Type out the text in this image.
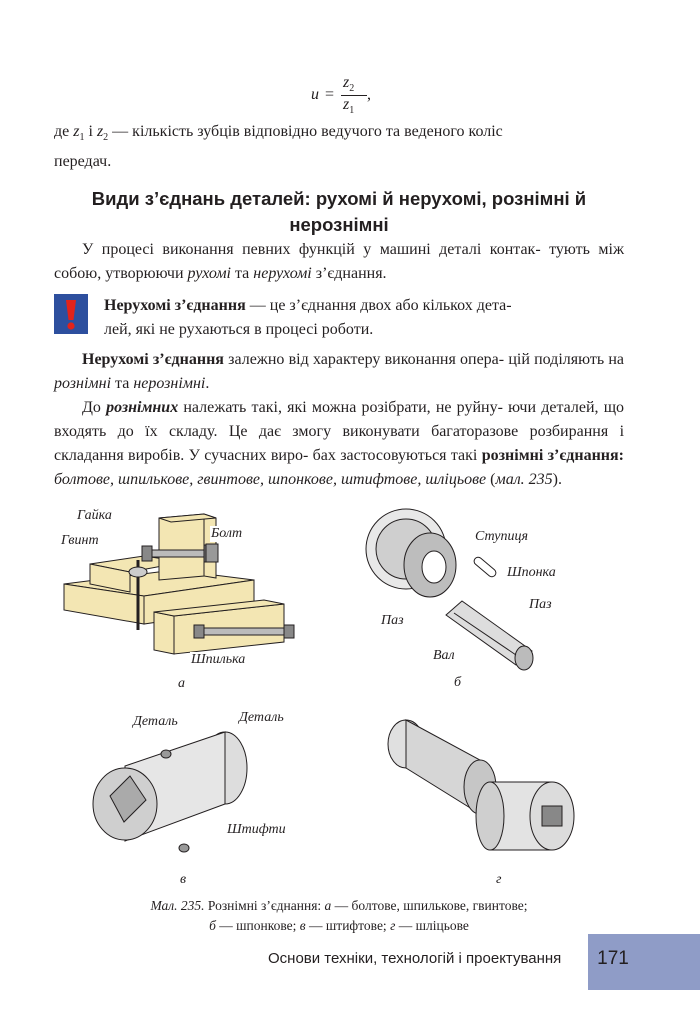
u =
$z_2$
$z_1$
,
де $z_1$ і $z_2$ — кількість зубців відповідно ведучого та веденого коліс
передач.
Види з’єднань деталей: рухомі й нерухомі, рознімні й
нерознімні
У процесі виконання певних функцій у машині деталі контак- тують між собою, утворюючи рухомі та нерухомі з’єднання.
Нерухомі з’єднання — це з’єднання двох або кількох дета-
лей, які не рухаються в процесі роботи.
Нерухомі з’єднання залежно від характеру виконання опера- цій поділяють на рознімні та нерознімні.
До рознімних належать такі, які можна розібрати, не руйну- ючи деталей, що входять до їх складу. Це дає змогу виконувати багаторазове розбирання і складання виробів. У сучасних виро- бах застосовуються такі рознімні з’єднання: болтове, шпилькове, гвинтове, шпонкове, штифтове, шліцьове (мал. 235).
Гайка
Гвинт	Болт
Шпилька
а
Ступиця
Шпонка
Паз
Паз
Вал
б
Деталь	Деталь
Штифти
в	г
Мал. 235. Рознімні з’єднання: а — болтове, шпилькове, гвинтове;
б — шпонкове; в — штифтове; г — шліцьове
Основи техніки, технологій і проектування	171
